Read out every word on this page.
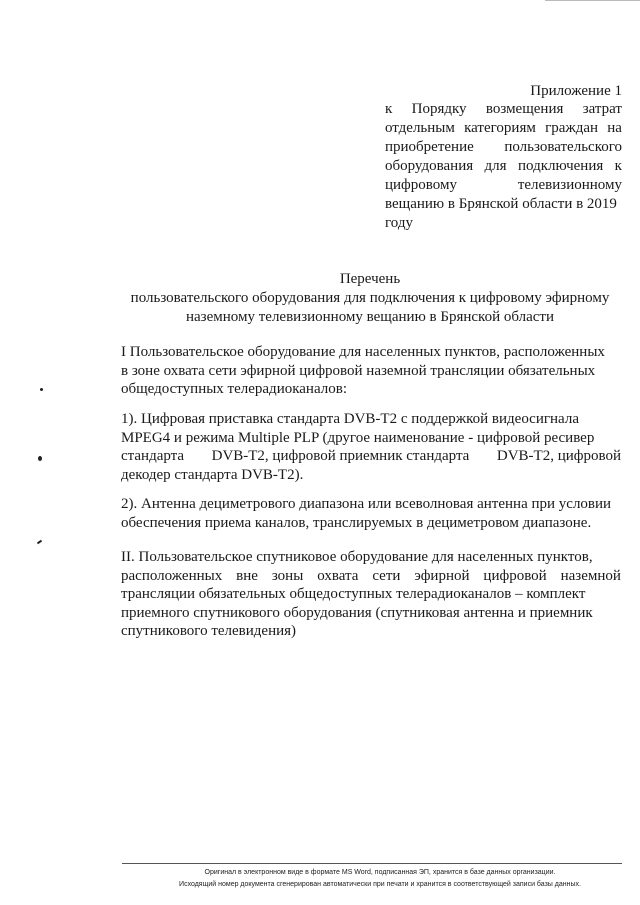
Приложение 1
к Порядку возмещения затрат
отдельным категориям граждан на
приобретение пользовательского
оборудования для подключения к
цифровому	телевизионному
вещанию в Брянской области в 2019
году
Перечень
пользовательского оборудования для подключения к цифровому эфирному
наземному телевизионному вещанию в Брянской области
I Пользовательское оборудование для населенных пунктов, расположенных
в зоне охвата сети эфирной цифровой наземной трансляции обязательных
общедоступных телерадиоканалов:
1). Цифровая приставка стандарта DVB-T2 с поддержкой видеосигнала
MPEG4 и режима Multiple PLP (другое наименование - цифровой ресивер
стандарта DVB-T2, цифровой приемник стандарта DVB-T2, цифровой
декодер стандарта DVB-T2).
2). Антенна дециметрового диапазона или всеволновая антенна при условии
обеспечения приема каналов, транслируемых в дециметровом диапазоне.
II. Пользовательское спутниковое оборудование для населенных пунктов,
расположенных вне зоны охвата сети эфирной цифровой наземной
трансляции обязательных общедоступных телерадиоканалов – комплект
приемного спутникового оборудования (спутниковая антенна и приемник
спутникового телевидения)
Оригинал в электронном виде в формате MS Word, подписанная ЭП, хранится в базе данных организации.
Исходящий номер документа сгенерирован автоматически при печати и хранится в соответствующей записи базы данных.
